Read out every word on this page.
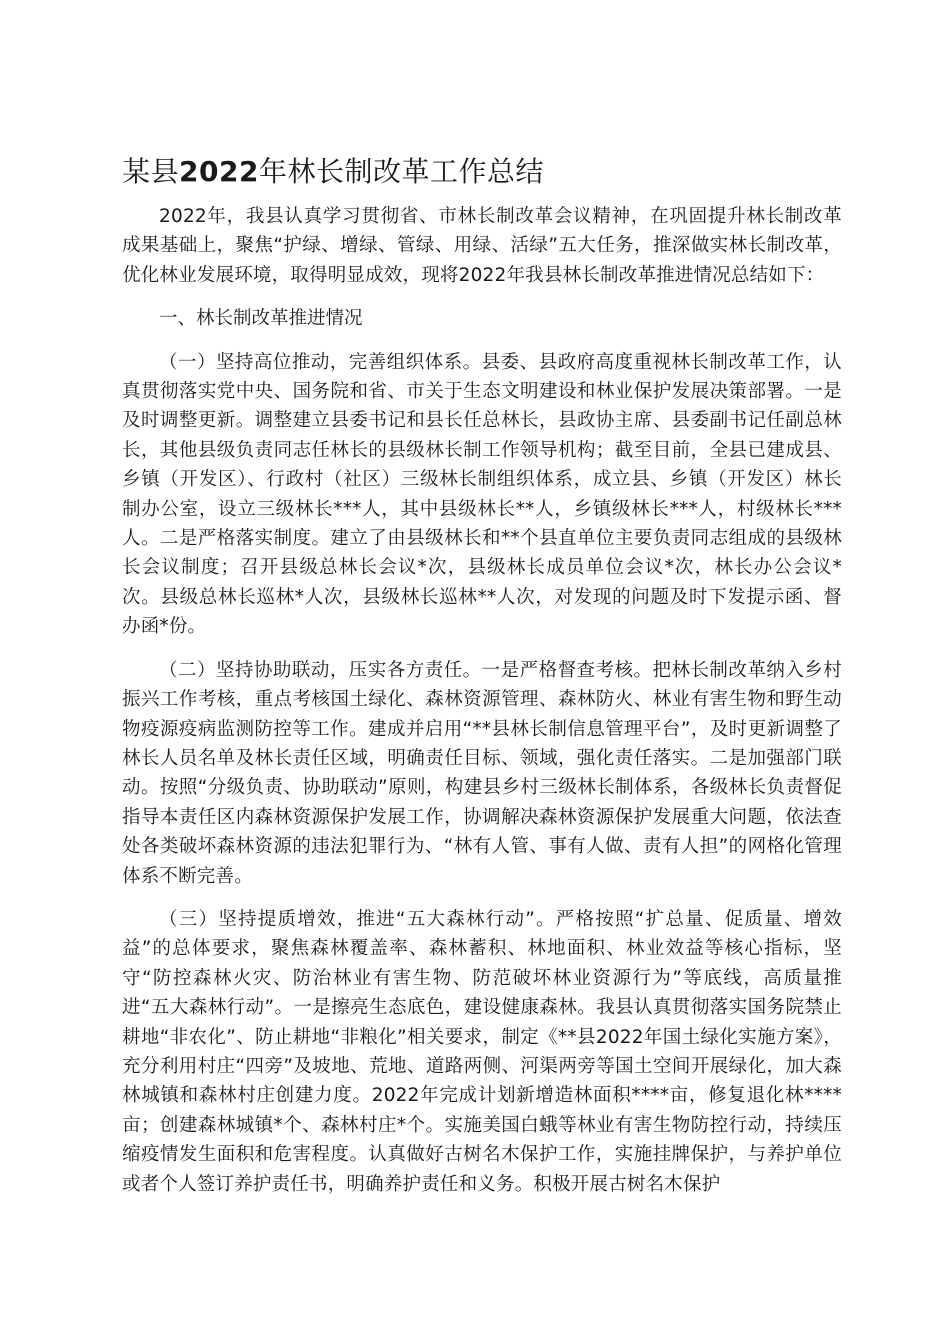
某县2022年林长制改革工作总结

2022年，我县认真学习贯彻省、市林长制改革会议精神，在巩固提升林长制改革成果基础上，聚焦“护绿、增绿、管绿、用绿、活绿”五大任务，推深做实林长制改革，优化林业发展环境，取得明显成效，现将2022年我县林长制改革推进情况总结如下：

一、林长制改革推进情况

（一）坚持高位推动，完善组织体系。县委、县政府高度重视林长制改革工作，认真贯彻落实党中央、国务院和省、市关于生态文明建设和林业保护发展决策部署。一是及时调整更新。调整建立县委书记和县长任总林长，县政协主席、县委副书记任副总林长，其他县级负责同志任林长的县级林长制工作领导机构；截至目前，全县已建成县、乡镇（开发区）、行政村（社区）三级林长制组织体系，成立县、乡镇（开发区）林长制办公室，设立三级林长***人，其中县级林长**人，乡镇级林长***人，村级林长***人。二是严格落实制度。建立了由县级林长和**个县直单位主要负责同志组成的县级林长会议制度；召开县级总林长会议*次，县级林长成员单位会议*次，林长办公会议*次。县级总林长巡林*人次，县级林长巡林**人次，对发现的问题及时下发提示函、督办函*份。

（二）坚持协助联动，压实各方责任。一是严格督查考核。把林长制改革纳入乡村振兴工作考核，重点考核国土绿化、森林资源管理、森林防火、林业有害生物和野生动物疫源疫病监测防控等工作。建成并启用“**县林长制信息管理平台”，及时更新调整了林长人员名单及林长责任区域，明确责任目标、领域，强化责任落实。二是加强部门联动。按照“分级负责、协助联动”原则，构建县乡村三级林长制体系，各级林长负责督促指导本责任区内森林资源保护发展工作，协调解决森林资源保护发展重大问题，依法查处各类破坏森林资源的违法犯罪行为、“林有人管、事有人做、责有人担”的网格化管理体系不断完善。

（三）坚持提质增效，推进“五大森林行动”。严格按照“扩总量、促质量、增效益”的总体要求，聚焦森林覆盖率、森林蓄积、林地面积、林业效益等核心指标，坚守“防控森林火灾、防治林业有害生物、防范破坏林业资源行为”等底线，高质量推进“五大森林行动”。一是擦亮生态底色，建设健康森林。我县认真贯彻落实国务院禁止耕地“非农化”、防止耕地“非粮化”相关要求，制定《**县2022年国土绿化实施方案》，充分利用村庄“四旁”及坡地、荒地、道路两侧、河渠两旁等国土空间开展绿化，加大森林城镇和森林村庄创建力度。2022年完成计划新增造林面积****亩，修复退化林****亩；创建森林城镇*个、森林村庄*个。实施美国白蛾等林业有害生物防控行动，持续压缩疫情发生面积和危害程度。认真做好古树名木保护工作，实施挂牌保护，与养护单位或者个人签订养护责任书，明确养护责任和义务。积极开展古树名木保护
